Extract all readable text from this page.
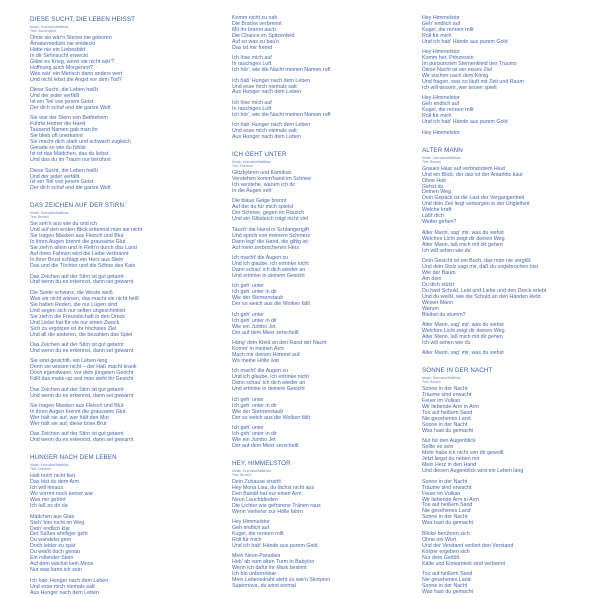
DIESE SUCHT, DIE LEBEN HEISST
Musik: Kravuska/Matthias
Text: Sonnenkind
Ohne sie wär'n Sterne nie geboren
Ämaturmedizin nie entdeckt
Hätte nie ein Liebesbild
In dir Sehnsucht erweckt
Gäbe es Krieg, wenn sie nicht wär'?
Hoffnung auch Morgenrot?
Was wär' ein Mensch dann anders wert
Und nicht lebst die Angst vor dem Tod?
Diese Sucht, die Leben heißt
Und der jeder verfällt
Ist ein Teil von jenem Geist
Der dich schuf und die ganze Welt
Sie war der Stern von Bethlehem
Führte Homer die Hand
Tausend Namen gab man ihr
Sie blieb oft unerkannt
Sie macht dich stark und schwach zugleich
Gerade so wie du fühlst
Ist ist das Mädchen, das du liebst
Und das du im Traum nur berührst
Diese Sucht, die Leben heißt
Und der jeder verfällt
Ist ein Teil von jenem Geist
Der dich schuf und die ganze Welt
DAS ZEICHEN AUF DER STIRN
Musik: Kravuska/Matthias
Text: Brozell
Sie seh'n aus wie du und ich
Und auf den ersten Blick erkennst man sie nicht
Sie tragen Masken aus Fleisch und Blut
In ihren Augen brennt die grausame Glut
Sie zieh'n allein und in Reih'n durch das Land
Auf ihren Fahnen wird die Liebe verbrannt
In ihrer Brust schlägt ein Herz aus Stein
Das und die Töchter und die Söhne des Kain
Das Zeichen auf der Stirn ist gut getarnt
Und wenn du es erkennst, dann sei gewarnt
Die Seele schwarz, die Weste weiß
Was wir nicht wissen, das macht sie nicht heiß
Sie halten Reden, die nur Lügen sind
Und segen sich nur selten ungeschminkt
Sie zieh'n die Freundschaft in den Dreck
Und Liebe hat für sie nur einen Zweck
Sich zu ergötzen ist ihr höchstes Ziel
Und all die anderen, die bezahlen das Spiel
Das Zeichen auf der Stirn ist gut getarnt
Und wenn du es erkennst, dann sei gewarnt
Sie sind gesichtlt, ein Leben lang
Denn sie wissen nicht – der Haß macht krank
Doch irgendwann, vor dem jüngsten Gericht
Fällt das make-up und man sieht ihr Gesicht
Das Zeichen auf der Stirn ist gut getarnt
Und wenn du es erkennst, dann sei gewarnt
Sie tragen Masken aus Fleisch und Blut
In ihren Augen brennt die grausame Glut
Wer hält sie auf, wer hält den Mut
Wer hält sie auf, diese böse Brut
Das Zeichen auf der Stirn ist gut getarnt
Und wenn du es erkennst, dann sei gewarnt
HUNGER NACH DEM LEBEN
Musik: Kravuska/Matthias
Text: Drehmer
Halt noch nicht fest
Das bist du dem Arm
Ich will hinaus
Wo vorrmt noch keiner war
Was mir gehört
Ich laß es dir da
Mädchen aus Glas
Steh' hier nicht im Weg
Dein' endlich klar
Der Süßes ahnfiger geht
Du wandelst gern
Doch leider zu spät
Du weißt doch genau
Ein rollender Stein
Auf dem wächst kein Moos
Nur was kann ich sein
Ich hab' Hunger nach dem Leben
Und esse mich niemals satt
Aus Hunger nach dem Leben
Komm nicht zu nah
Die Bracke verbrennt
Mit ihr brennt auch
Die Chance im Spitzenfeld
Auf so was zu bau'n
Das ist mir fremd
Ich löse mich auf
In rauchiges Luft
Ich hör', wie die Nacht meinen Namen ruft
Ich hab' Hunger nach dem Leben
Und esse mich niemals satt
Aus Hunger nach dem Leben
Ich löse mich auf
In rauchiges Luft
Ich hör', wie die Nacht meinen Namen ruft
Ich hab' Hunger nach dem Leben
Und esse mich niemals satt
Aus Hunger nach dem Leben
ICH GEHT UNTER
Musik: Kravuska/Matthias
Text: Drehmer
Glitzbybren und Kamibus
Verstehen komm'hand im Schnee
Ich verstehe, warum ich dir
In die Augen seh'
Die blaue Geige brennt
Auf der du für mich spielst
Der Schnee, gegen im Rausch
Und ein Glitzbuch trägt nicht viel
Tauch' die Hand in Schlangengift
Und sprich von meinem Schmerz
Dann legt' die Hand, die giftig ist
Auf mein zerbrochenes Herz
Ich macht' die Augen zu
Und ich glaube, ich ertrinke nicht
Dann schau' ich dich wieder an
Und ertrinke in deinem Gesicht
Ich geh' unter
Ich geh' unter in dir
Wie der Sternenstaub
Der so weich aus die Wolken fällt
Ich geh' unter
Ich geh' unter in dir
Wie ein Jumbo Jet
Der auf dem Meer zerschellt
Häng' dein Kleid an den Rand der Nacht
Komm' in meinen Arm
Mach mir deinen Himmel auf
Wo meine Hölle war
Ich macht' die Augen zu
Und ich glaube, ich ertrinke nicht
Dann schau' ich dich wieder an
Und ertrinke in deinem Gesicht
Ich geh' unter
Ich geh' unter in dir
Wie der Sternenstaub
Der so weich aus die Wolken fällt
Ich geh' unter
Ich geh' unter in dir
Wie ein Jumbo Jet
Der auf dem Meer zerschellt
HEY, HIMMELSTOR
Musik: Kravuska/Matthias
Text: Brozell
Dein Zuhause strahlt
Hey Mona Lisa, du lächst nicht aus
Den Bandit hat nur einen Arm
Neun Leuchtdioden
Die Lichter wie gefrorene Tränen raus
Wenn Verlierer zur Hölle fahrn
Hey Himmelstor
Geh endlich auf
Kugel, die rennen rollt
Roll für mich
Und ich hab' Hände aus purem Gold
Mein Neon-Paradies
Heb' ab vom alten Turm in Babylon
Wenn ich dafür ihr Mark besinnt
Ich bin unbrennbar
Mein Lebensdraht steht zu wie'n Skorpion
Supernova, du wirst einmal
Hey Himmelstor
Geh' endlich auf
Kugel, die rennen rollt
Roll für mich
Und ich hab' Hände aus purem Gold
Hey Himmelstor
Komm her, Prinzessin
Im purpurroten Sternenkleid des Traums
Diese Nacht ist ein neues Ziel
Wir suchen nach dem König
Und fragen, was so läuft mit Zeit und Raum
Ich will wissen, wer tesser spielt
Hey Himmelstor
Geh endlich auf
Kugel, die rennen rollt
Roll für mich
Und ich hab' Hände aus purem Gold
Hey Himmelstor
ALTER MANN
Musik: Kravuska/Matthias
Text: Brozell
Graues Haar auf verbranntem Haut
Und ein Blick, der das ist der Antarktis kaut
Ohne Halt
Gehst du
Deinen Weg
Dein Gepäck ist die Last der Vergangenheit
Und dein Ziel liegt verborgen in der Ungleiheit
Welche kraft
Läßt dich
Weiter gehen?
Alter Mann, sag' mir, was du siehst
Welches Licht zeigt dir deinen Weg
Alter Mann, laß mich mit dir gehen
Ich will sehen wie du
Dein Gesicht ist ein Buch, das man nie vergißt
Und dein Stolz sagt mir, daß du ungebrochen bist
Wie der Baum
Am dein
Du dich stützt
Du hast Schuld, Leid und Liebe und den Dreck erlebt
Und du weißt, wie die Schuld an den Händen klebt
Weiser Mann
Warum
Bleibst du stumm?
Alter Mann, sag' mir, was du siehst
Welches Licht zeigt dir deinen Weg
Alter Mann, laß mich mit dir gehen
Ich will sehen wie du
Alter Mann, sag' mir, was du siehst
SONNE IN DER NACHT
Musik: Kravuska/Matthias
Text: Brozell
Sonne in der Nacht
Träume sind erwacht
Feuer im Vulkan
Wir liebende Arm in Arm
Tou auf heißem Sand
Nie gesehenes Land
Sonne in der Nacht
Was hast du gemacht
Nur für den Augenblick
Sollte es sein
Mehr habe ich nicht von dir gewollt
Jetzt liegst du neben mir
Mein Herz in den Hand
Und diesen Augenblick wird ein Leben lang
Sonne in der Nacht
Träume sind erwacht
Feuer im Vulkan
Wir liebende Arm in Arm
Tou auf heißem Sand
Nie gesehenes Land
Sonne in der Nacht
Was hast du gemacht
Blicke berühren sich
Ohne ein Wort
Und der Verstand verliert den Verstand
Körper ergeben sich
Nur dem Gefühl
Kälte und Einsamkeit sind verbannt
Tou auf heißem Sand
Nie gesehenes Land
Sonne in der Nacht
Was hast du gemacht
